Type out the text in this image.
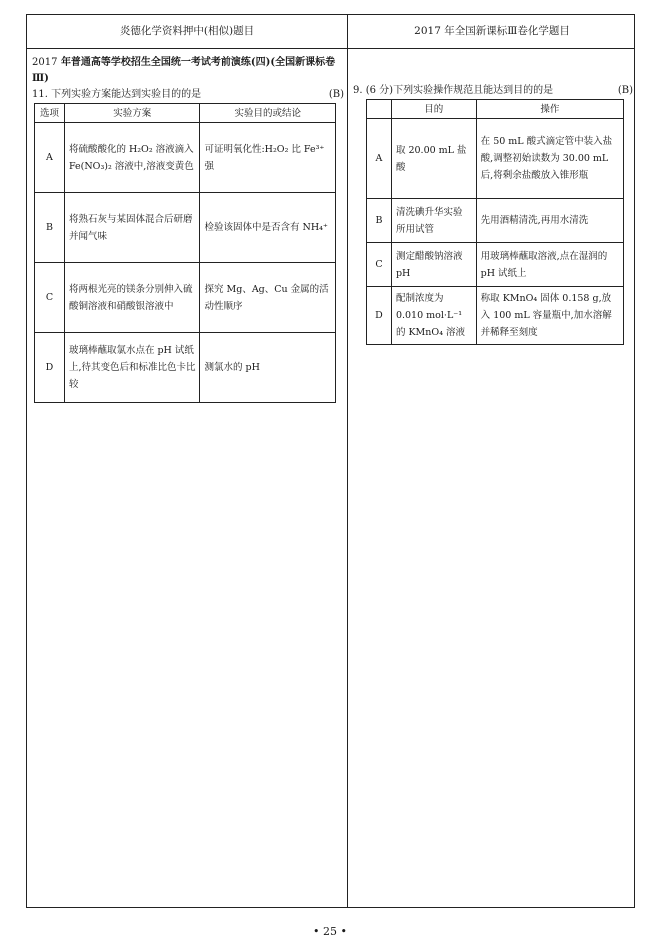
炎德化学资料押中(相似)题目	2017 年全国新课标Ⅲ卷化学题目
2017 年普通高等学校招生全国统一考试考前演练(四)(全国新课标卷Ⅲ)
11. 下列实验方案能达到实验目的的是	(B)
选项	实验方案	实验目的或结论
A	将硫酸酸化的 H₂O₂ 溶液滴入 Fe(NO₃)₂ 溶液中,溶液变黄色	可证明氧化性:H₂O₂ 比 Fe³⁺ 强
B	将熟石灰与某固体混合后研磨并闻气味	检验该固体中是否含有 NH₄⁺
C	将两根光亮的镁条分别伸入硫酸铜溶液和硝酸银溶液中	探究 Mg、Ag、Cu 金属的活动性顺序
D	玻璃棒蘸取氯水点在 pH 试纸上,待其变色后和标准比色卡比较	测氯水的 pH
9. (6 分)下列实验操作规范且能达到目的的是	(B)
	目的	操作
A	取 20.00 mL 盐酸	在 50 mL 酸式滴定管中装入盐酸,调整初始读数为 30.00 mL 后,将剩余盐酸放入锥形瓶
B	清洗碘升华实验所用试管	先用酒精清洗,再用水清洗
C	测定醋酸钠溶液 pH	用玻璃棒蘸取溶液,点在湿润的 pH 试纸上
D	配制浓度为 0.010 mol·L⁻¹ 的 KMnO₄ 溶液	称取 KMnO₄ 固体 0.158 g,放入 100 mL 容量瓶中,加水溶解并稀释至刻度
• 25 •
